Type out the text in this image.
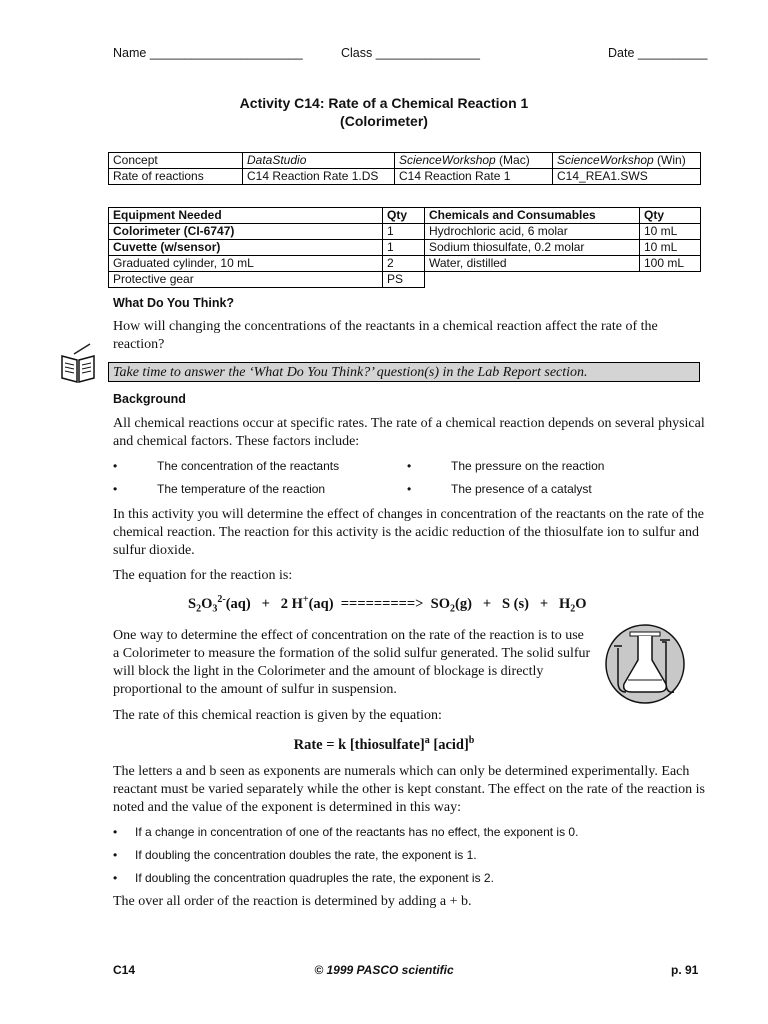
Name ______________________	Class _______________	Date __________
Activity C14: Rate of a Chemical Reaction 1
(Colorimeter)
Concept	DataStudio	ScienceWorkshop (Mac)	ScienceWorkshop (Win)
Rate of reactions	C14 Reaction Rate 1.DS	C14 Reaction Rate 1	C14_REA1.SWS
Equipment Needed	Qty	Chemicals and Consumables	Qty
Colorimeter (CI-6747)	1	Hydrochloric acid, 6 molar	10 mL
Cuvette (w/sensor)	1	Sodium thiosulfate, 0.2 molar	10 mL
Graduated cylinder, 10 mL	2	Water, distilled	100 mL
Protective gear	PS		
What Do You Think?
How will changing the concentrations of the reactants in a chemical reaction affect the rate of the reaction?
Take time to answer the ‘What Do You Think?’ question(s) in the Lab Report section.
Background
All chemical reactions occur at specific rates. The rate of a chemical reaction depends on several physical and chemical factors. These factors include:
•	The concentration of the reactants	•	The pressure on the reaction
•	The temperature of the reaction	•	The presence of a catalyst
In this activity you will determine the effect of changes in concentration of the reactants on the rate of the chemical reaction. The reaction for this activity is the acidic reduction of the thiosulfate ion to sulfur and sulfur dioxide.
The equation for the reaction is:
$S_2O_3^{2-}(aq) + 2$ H+(aq) =========> $SO_2(g) + S$ $(s) + H_2O$
One way to determine the effect of concentration on the rate of the reaction is to use a Colorimeter to measure the formation of the solid sulfur generated. The solid sulfur will block the light in the Colorimeter and the amount of blockage is directly proportional to the amount of sulfur in suspension.
The rate of this chemical reaction is given by the equation:
Rate = k [thiosulfate]$^a$ [acid]$^b$
The letters a and b seen as exponents are numerals which can only be determined experimentally. Each reactant must be varied separately while the other is kept constant. The effect on the rate of the reaction is noted and the value of the exponent is determined in this way:
• If a change in concentration of one of the reactants has no effect, the exponent is 0.
• If doubling the concentration doubles the rate, the exponent is 1.
• If doubling the concentration quadruples the rate, the exponent is 2.
The over all order of the reaction is determined by adding a + b.
C14	© 1999 PASCO scientific	p. 91
